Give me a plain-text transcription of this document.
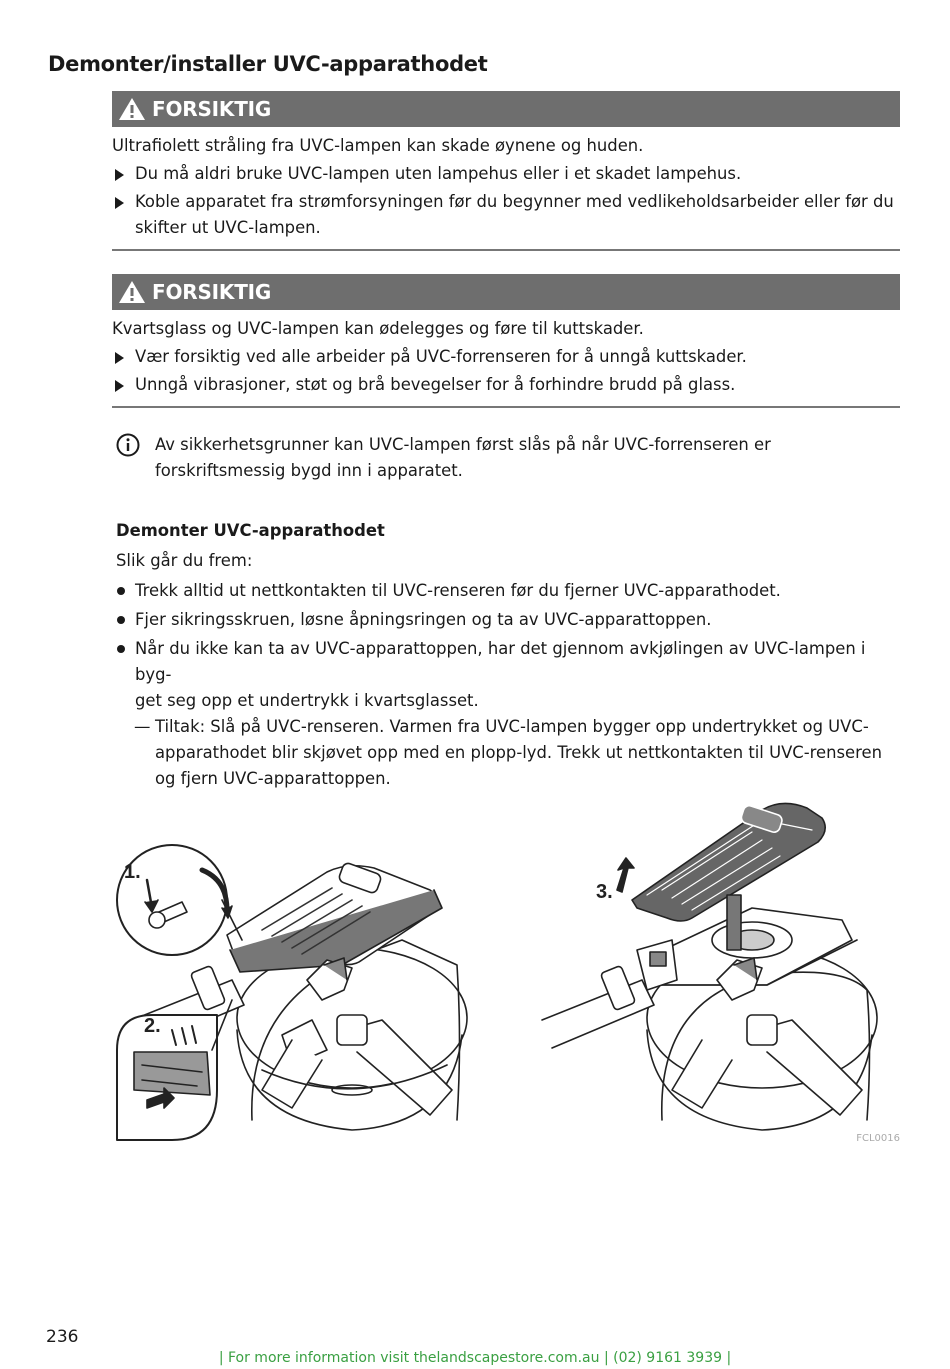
Demonter/installer UVC-apparathodet
FORSIKTIG

Ultrafiolett stråling fra UVC-lampen kan skade øynene og huden.

Du må aldri bruke UVC-lampen uten lampehus eller i et skadet lampehus.
Koble apparatet fra strømforsyningen før du begynner med vedlikeholdsarbeider eller før du skifter ut UVC-lampen.
FORSIKTIG

Kvartsglass og UVC-lampen kan ødelegges og føre til kuttskader.

Vær forsiktig ved alle arbeider på UVC-forrenseren for å unngå kuttskader.
Unngå vibrasjoner, støt og brå bevegelser for å forhindre brudd på glass.
Av sikkerhetsgrunner kan UVC-lampen først slås på når UVC-forrenseren er forskriftsmessig bygd inn i apparatet.
Demonter UVC-apparathodet

Slik går du frem:

Trekk alltid ut nettkontakten til UVC-renseren før du fjerner UVC-apparathodet.
Fjer sikringsskruen, løsne åpningsringen og ta av UVC-apparattoppen.
Når du ikke kan ta av UVC-apparattoppen, har det gjennom avkjølingen av UVC-lampen i byg-
get seg opp et undertrykk i kvartsglasset.
— Tiltak: Slå på UVC-renseren. Varmen fra UVC-lampen bygger opp undertrykket og UVC-
apparathodet blir skjøvet opp med en plopp-lyd. Trekk ut nettkontakten til UVC-renseren
og fjern UVC-apparattoppen.
1.
2.
3.
FCL0016
236
| For more information visit thelandscapestore.com.au | (02) 9161 3939 |
